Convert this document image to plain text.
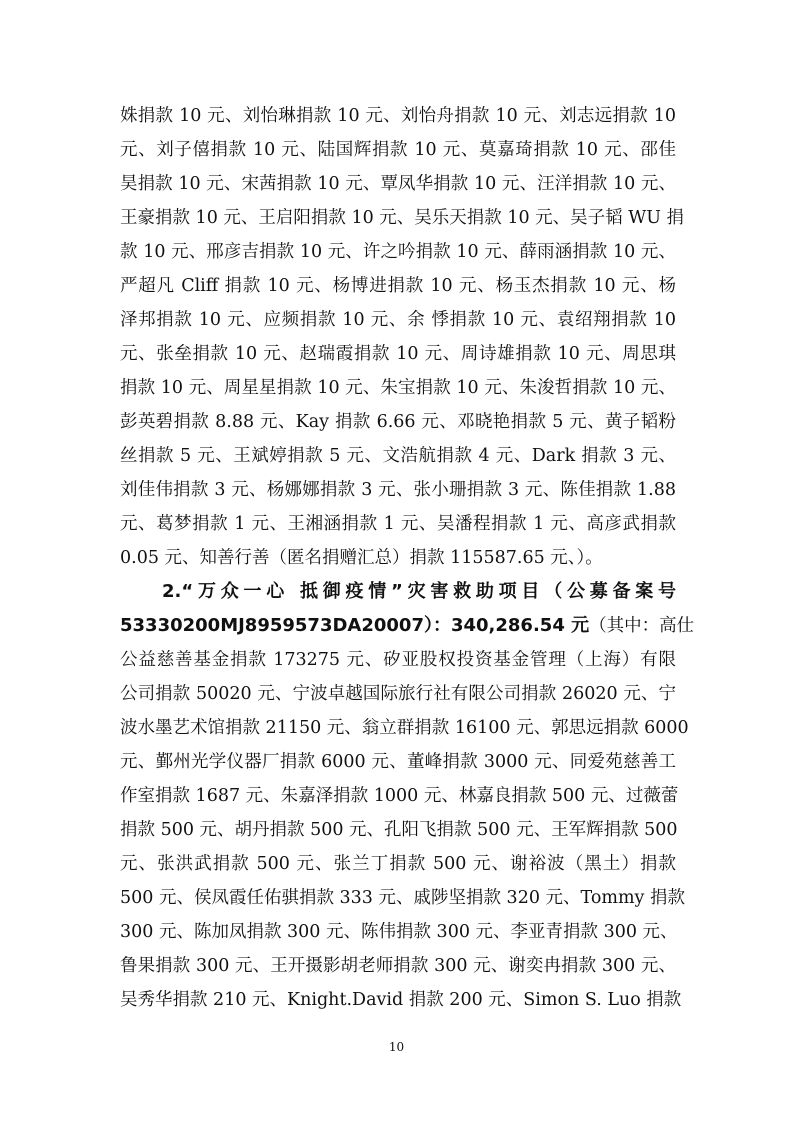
姝捐款 10 元、刘怡琳捐款 10 元、刘怡舟捐款 10 元、刘志远捐款 10
元、刘子僖捐款 10 元、陆国辉捐款 10 元、莫嘉琦捐款 10 元、邵佳
昊捐款 10 元、宋茜捐款 10 元、覃凤华捐款 10 元、汪洋捐款 10 元、
王豪捐款 10 元、王启阳捐款 10 元、吴乐天捐款 10 元、吴子韬 WU 捐
款 10 元、邢彦吉捐款 10 元、许之吟捐款 10 元、薛雨涵捐款 10 元、
严超凡 Cliff 捐款 10 元、杨博进捐款 10 元、杨玉杰捐款 10 元、杨
泽邦捐款 10 元、应频捐款 10 元、余 悸捐款 10 元、袁绍翔捐款 10
元、张垒捐款 10 元、赵瑞霞捐款 10 元、周诗雄捐款 10 元、周思琪
捐款 10 元、周星星捐款 10 元、朱宝捐款 10 元、朱浚哲捐款 10 元、
彭英碧捐款 8.88 元、Kay 捐款 6.66 元、邓晓艳捐款 5 元、黄子韬粉
丝捐款 5 元、王斌婷捐款 5 元、文浩航捐款 4 元、Dark 捐款 3 元、
刘佳伟捐款 3 元、杨娜娜捐款 3 元、张小珊捐款 3 元、陈佳捐款 1.88
元、葛梦捐款 1 元、王湘涵捐款 1 元、吴潘程捐款 1 元、高彦武捐款
0.05 元、知善行善（匿名捐赠汇总）捐款 115587.65 元、）。
2.“万众一心 抵御疫情”灾害救助项目（公募备案号
53330200MJ8959573DA20007）：340,286.54 元（其中：高仕
公益慈善基金捐款 173275 元、矽亚股权投资基金管理（上海）有限
公司捐款 50020 元、宁波卓越国际旅行社有限公司捐款 26020 元、宁
波水墨艺术馆捐款 21150 元、翁立群捐款 16100 元、郭思远捐款 6000
元、鄞州光学仪器厂捐款 6000 元、董峰捐款 3000 元、同爱苑慈善工
作室捐款 1687 元、朱嘉泽捐款 1000 元、林嘉良捐款 500 元、过薇蕾
捐款 500 元、胡丹捐款 500 元、孔阳飞捐款 500 元、王军辉捐款 500
元、张洪武捐款 500 元、张兰丁捐款 500 元、谢裕波（黑土）捐款
500 元、侯凤霞任佑骐捐款 333 元、戚陟坚捐款 320 元、Tommy 捐款
300 元、陈加凤捐款 300 元、陈伟捐款 300 元、李亚青捐款 300 元、
鲁果捐款 300 元、王开摄影胡老师捐款 300 元、谢奕冉捐款 300 元、
吴秀华捐款 210 元、Knight.David 捐款 200 元、Simon S. Luo 捐款
10
